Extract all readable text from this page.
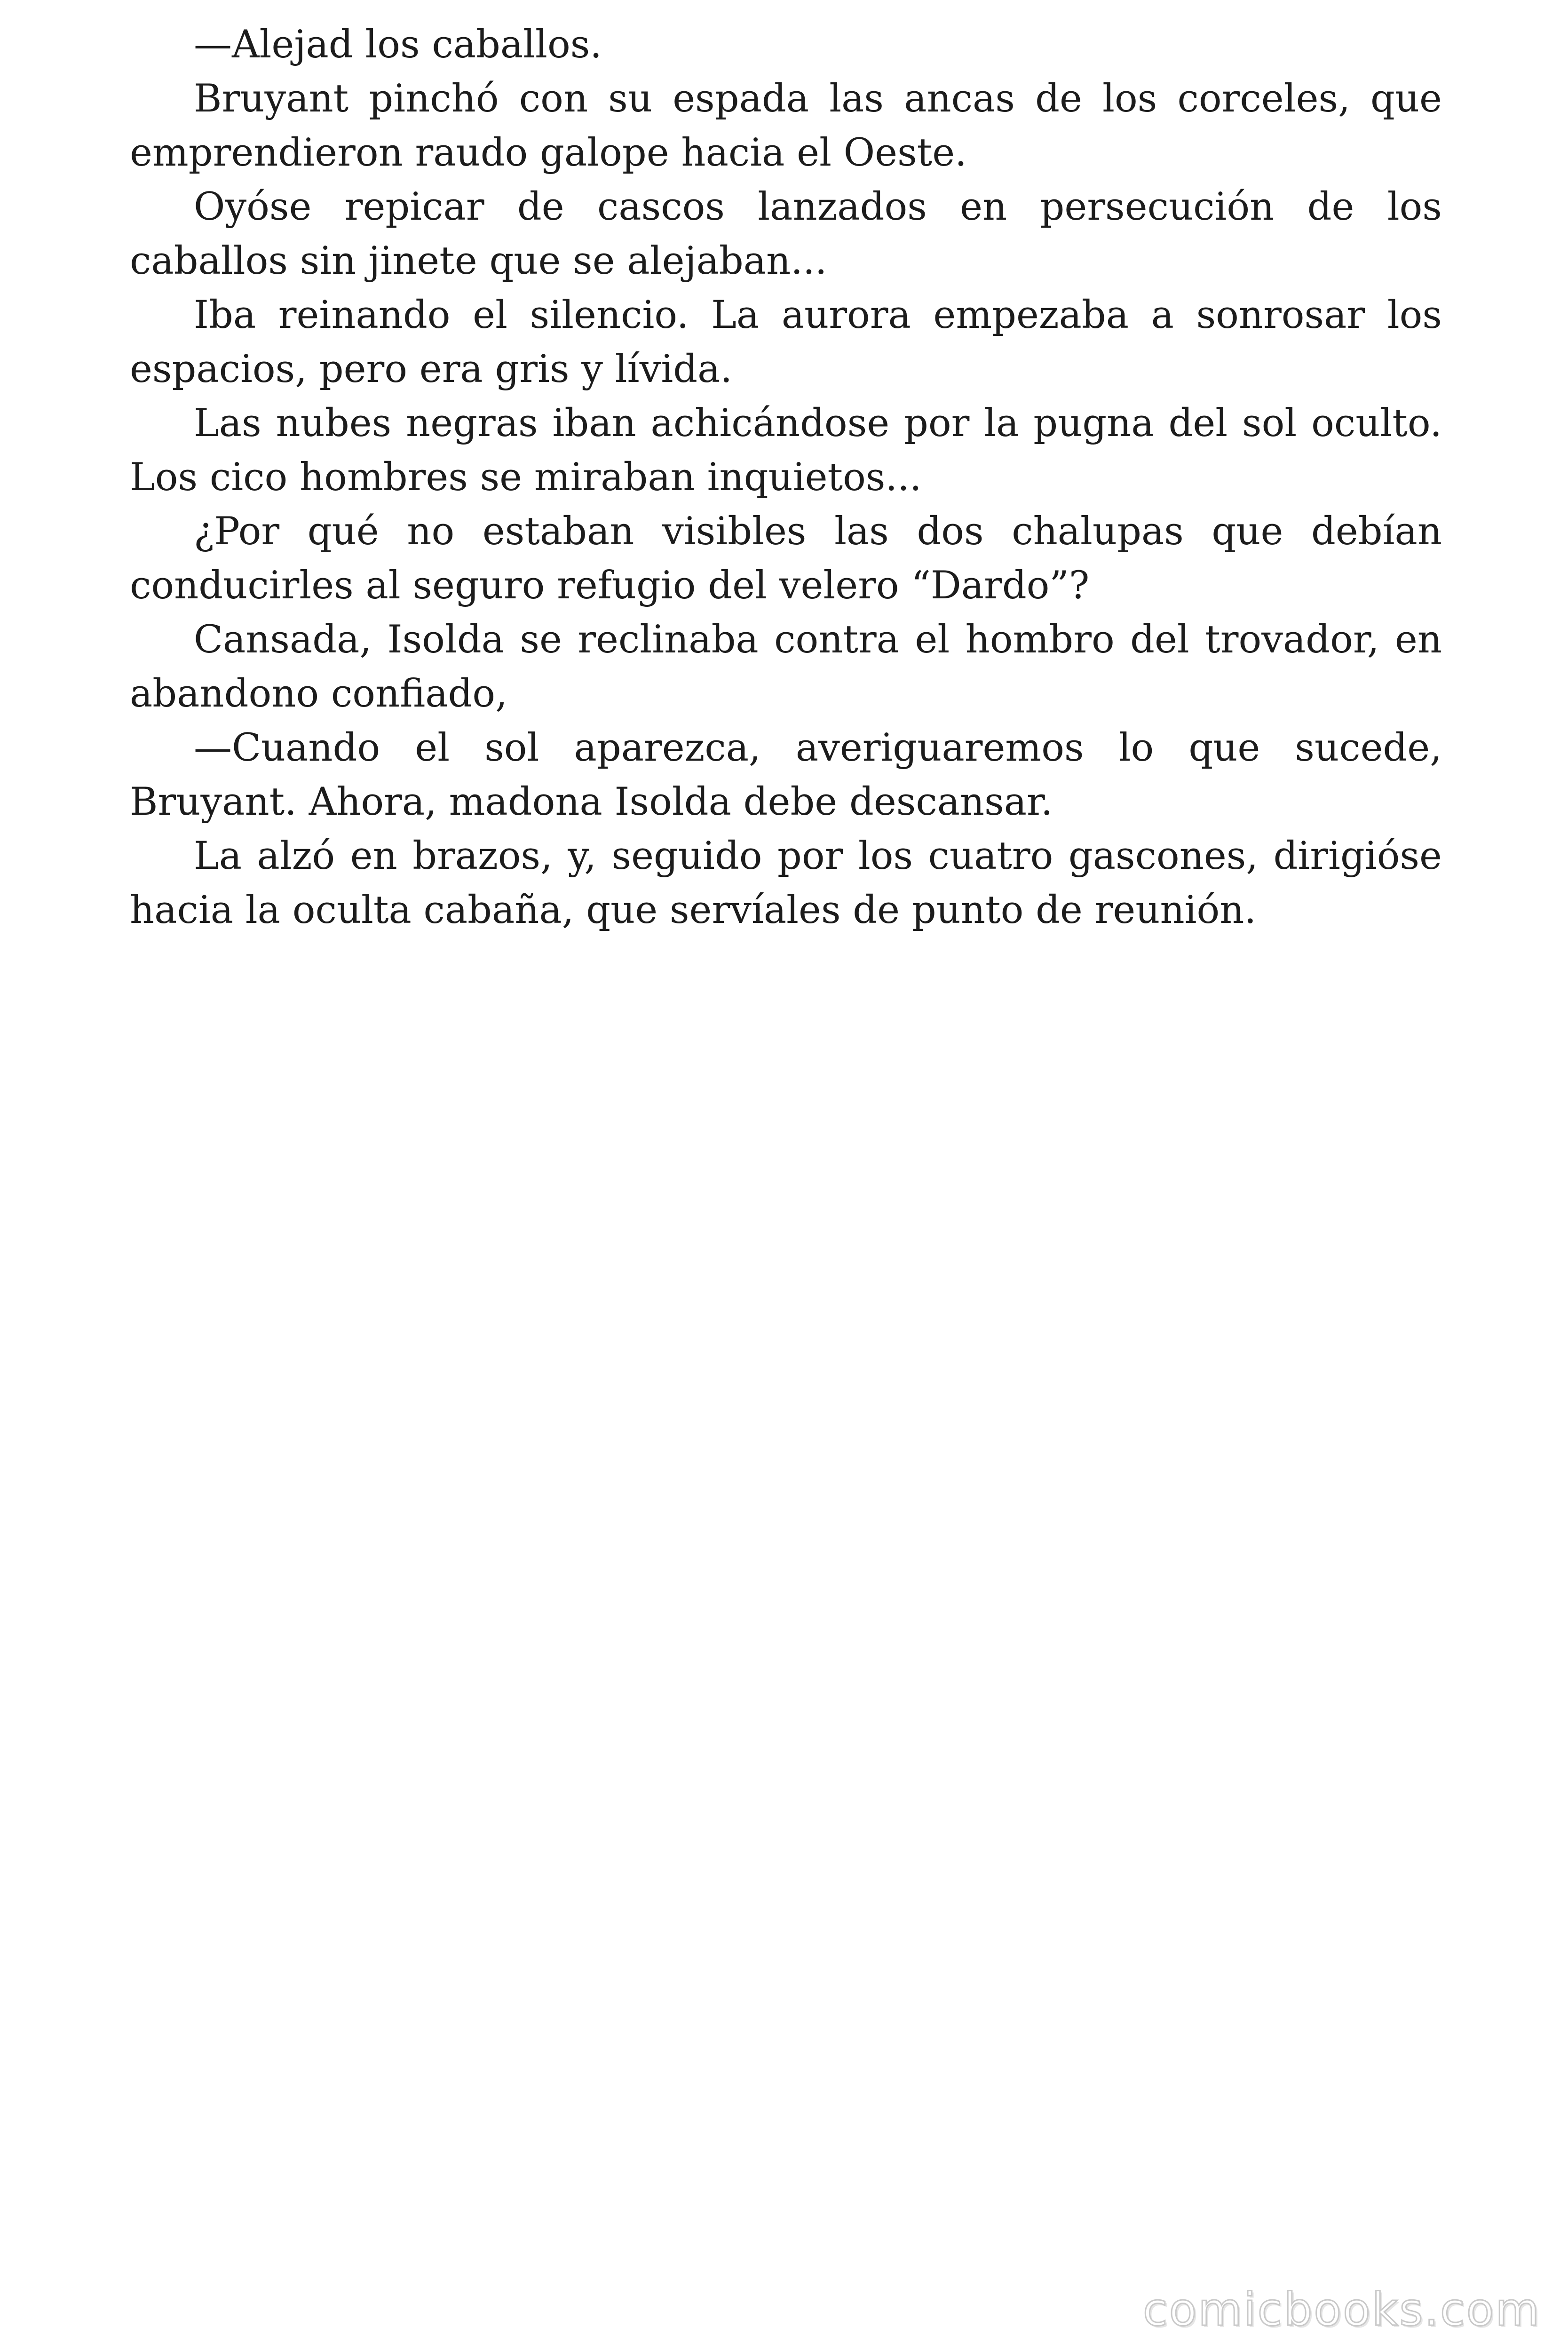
—Alejad los caballos.

Bruyant pinchó con su espada las ancas de los corceles, que emprendieron raudo galope hacia el Oeste.

Oyóse repicar de cascos lanzados en persecución de los caballos sin jinete que se alejaban...

Iba reinando el silencio. La aurora empezaba a sonrosar los espacios, pero era gris y lívida.

Las nubes negras iban achicándose por la pugna del sol oculto. Los cico hombres se miraban inquietos...

¿Por qué no estaban visibles las dos chalupas que debían conducirles al seguro refugio del velero “Dardo”?

Cansada, Isolda se reclinaba contra el hombro del trovador, en abandono confiado,

—Cuando el sol aparezca, averiguaremos lo que sucede, Bruyant. Ahora, madona Isolda debe descansar.

La alzó en brazos, y, seguido por los cuatro gascones, dirigióse hacia la oculta cabaña, que servíales de punto de reunión.

comicbooks.com
